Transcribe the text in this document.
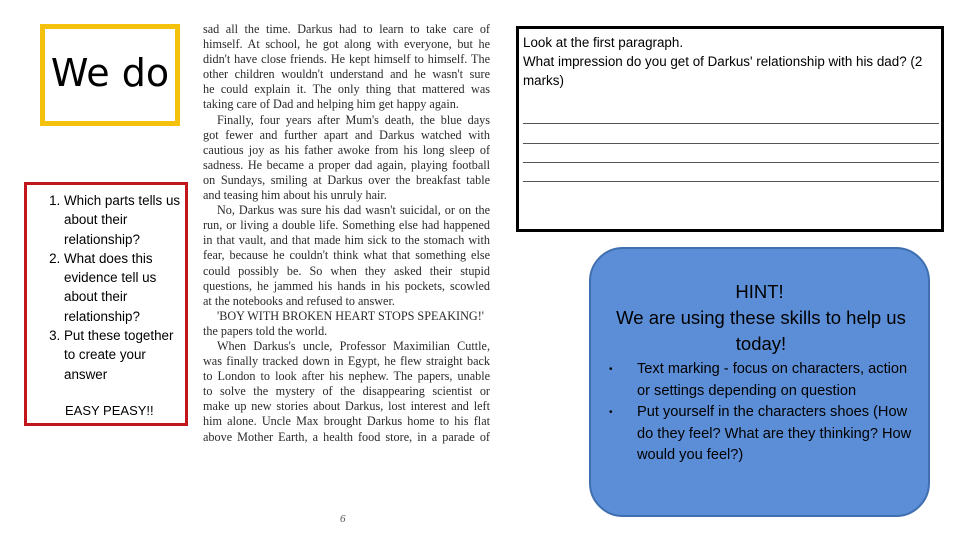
We do
1. Which parts tells us about their relationship?
2. What does this evidence tell us about their relationship?
3. Put these together to create your answer
EASY PEASY!!
sad all the time. Darkus had to learn to take care of
himself. At school, he got along with everyone, but he
didn't have close friends. He kept himself to himself. The
other children wouldn't understand and he wasn't sure
he could explain it. The only thing that mattered was
taking care of Dad and helping him get happy again.
Finally, four years after Mum's death, the blue days
got fewer and further apart and Darkus watched with
cautious joy as his father awoke from his long sleep of
sadness. He became a proper dad again, playing football
on Sundays, smiling at Darkus over the breakfast table
and teasing him about his unruly hair.
No, Darkus was sure his dad wasn't suicidal, or on the
run, or living a double life. Something else had happened
in that vault, and that made him sick to the stomach with
fear, because he couldn't think what that something else
could possibly be. So when they asked their stupid
questions, he jammed his hands in his pockets, scowled
at the notebooks and refused to answer.
'BOY WITH BROKEN HEART STOPS SPEAKING!'
the papers told the world.
When Darkus's uncle, Professor Maximilian Cuttle,
was finally tracked down in Egypt, he flew straight back
to London to look after his nephew. The papers, unable
to solve the mystery of the disappearing scientist or
make up new stories about Darkus, lost interest and left
him alone. Uncle Max brought Darkus home to his flat
above Mother Earth, a health food store, in a parade of
6
Look at the first paragraph.
What impression do you get of Darkus' relationship with his dad? (2 marks)
HINT!
We are using these skills to help us today!
• Text marking - focus on characters, action or settings depending on question
• Put yourself in the characters shoes (How do they feel? What are they thinking? How would you feel?)
